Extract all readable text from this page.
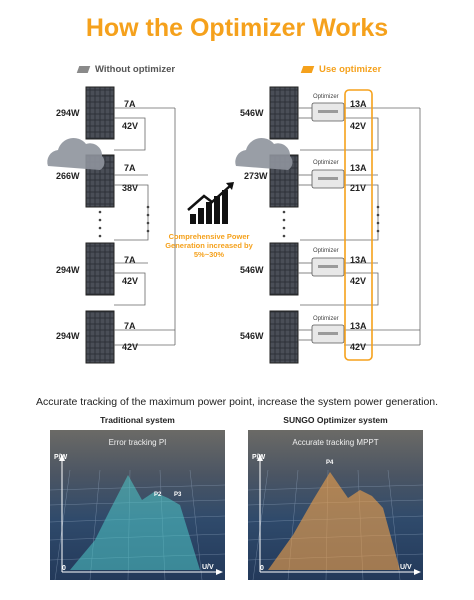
How the Optimizer Works
Without optimizer	Use optimizer
294W
7A
42V
266W
7A
38V
294W
7A
42V
294W
7A
42V
546W
Optimizer
13A
42V
273W
Optimizer 13A
21V
546W
Optimizer
13A
42V
546W
Optimizer
13A
42V
Comprehensive Power Generation increased by 5%~30%
Accurate tracking of the maximum power point, increase the system power generation.
Traditional system	SUNGO Optimizer system
Error tracking PI
P/W
U/V
0
P2 P3
Accurate tracking MPPT
P/W
U/V
0
P4
